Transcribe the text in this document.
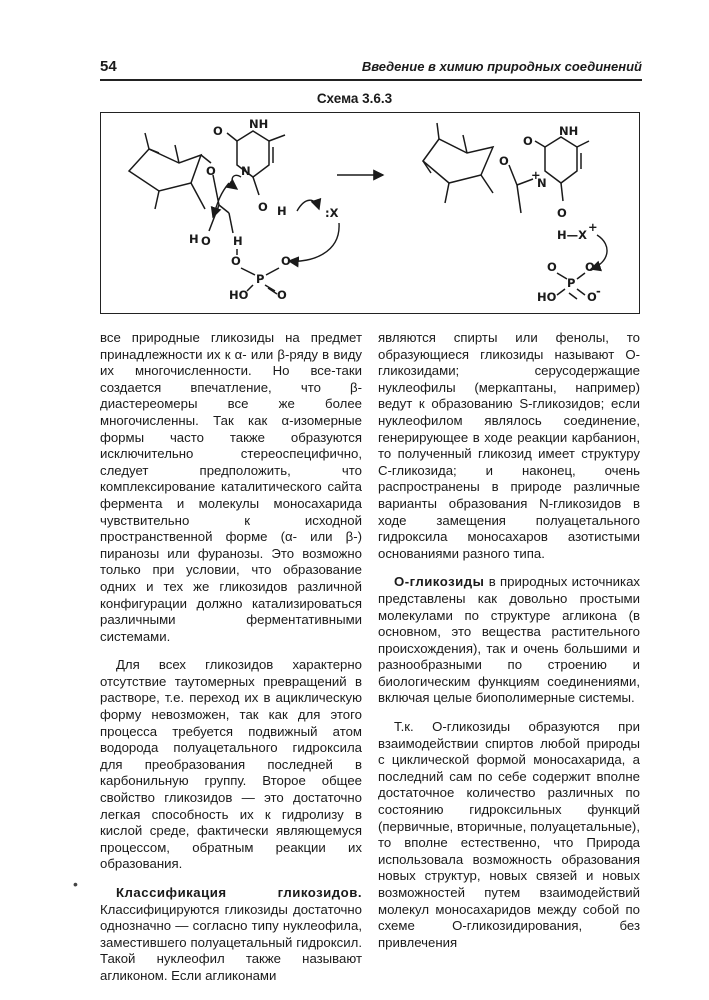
54	Введение в химию природных соединений
Схема 3.6.3
O
O
H
NH
O
N
O H	:X
H
O	O
P
HO O
O
NH
O
N
+
O
H—X
+
O O
P
HO	O -

все природные гликозиды на предмет принадлежности их к α- или β-ряду в виду их многочисленности. Но все-таки создается впечатление, что β-диастереомеры все же более многочисленны. Так как α-изомерные формы часто также образуются исключительно стереоспецифично, следует предположить, что комплексирование каталитического сайта фермента и молекулы моносахарида чувствительно к исходной пространственной форме (α- или β-) пиранозы или фуранозы. Это возможно только при условии, что образование одних и тех же гликозидов различной конфигурации должно катализироваться различными ферментативными системами.

Для всех гликозидов характерно отсутствие таутомерных превращений в растворе, т.е. переход их в ациклическую форму невозможен, так как для этого процесса требуется подвижный атом водорода полуацетального гидроксила для преобразования последней в карбонильную группу. Второе общее свойство гликозидов — это достаточно легкая способность их к гидролизу в кислой среде, фактически являющемуся процессом, обратным реакции их образования.

Классификация гликозидов. Классифицируются гликозиды достаточно однозначно — согласно типу нуклеофила, заместившего полуацетальный гидроксил. Такой нуклеофил также называют агликоном. Если агликонами

являются спирты или фенолы, то образующиеся гликозиды называют O-гликозидами; серусодержащие нуклеофилы (меркаптаны, например) ведут к образованию S-гликозидов; если нуклеофилом являлось соединение, генерирующее в ходе реакции карбанион, то полученный гликозид имеет структуру С-гликозида; и наконец, очень распространены в природе различные варианты образования N-гликозидов в ходе замещения полуацетального гидроксила моносахаров азотистыми основаниями разного типа.

O-гликозиды в природных источниках представлены как довольно простыми молекулами по структуре агликона (в основном, это вещества растительного происхождения), так и очень большими и разнообразными по строению и биологическим функциям соединениями, включая целые биополимерные системы.

Т.к. O-гликозиды образуются при взаимодействии спиртов любой природы с циклической формой моносахарида, а последний сам по себе содержит вполне достаточное количество различных по состоянию гидроксильных функций (первичные, вторичные, полуацетальные), то вполне естественно, что Природа использовала возможность образования новых структур, новых связей и новых возможностей путем взаимодействий молекул моносахаридов между собой по схеме O-гликозидирования, без привлечения

•
